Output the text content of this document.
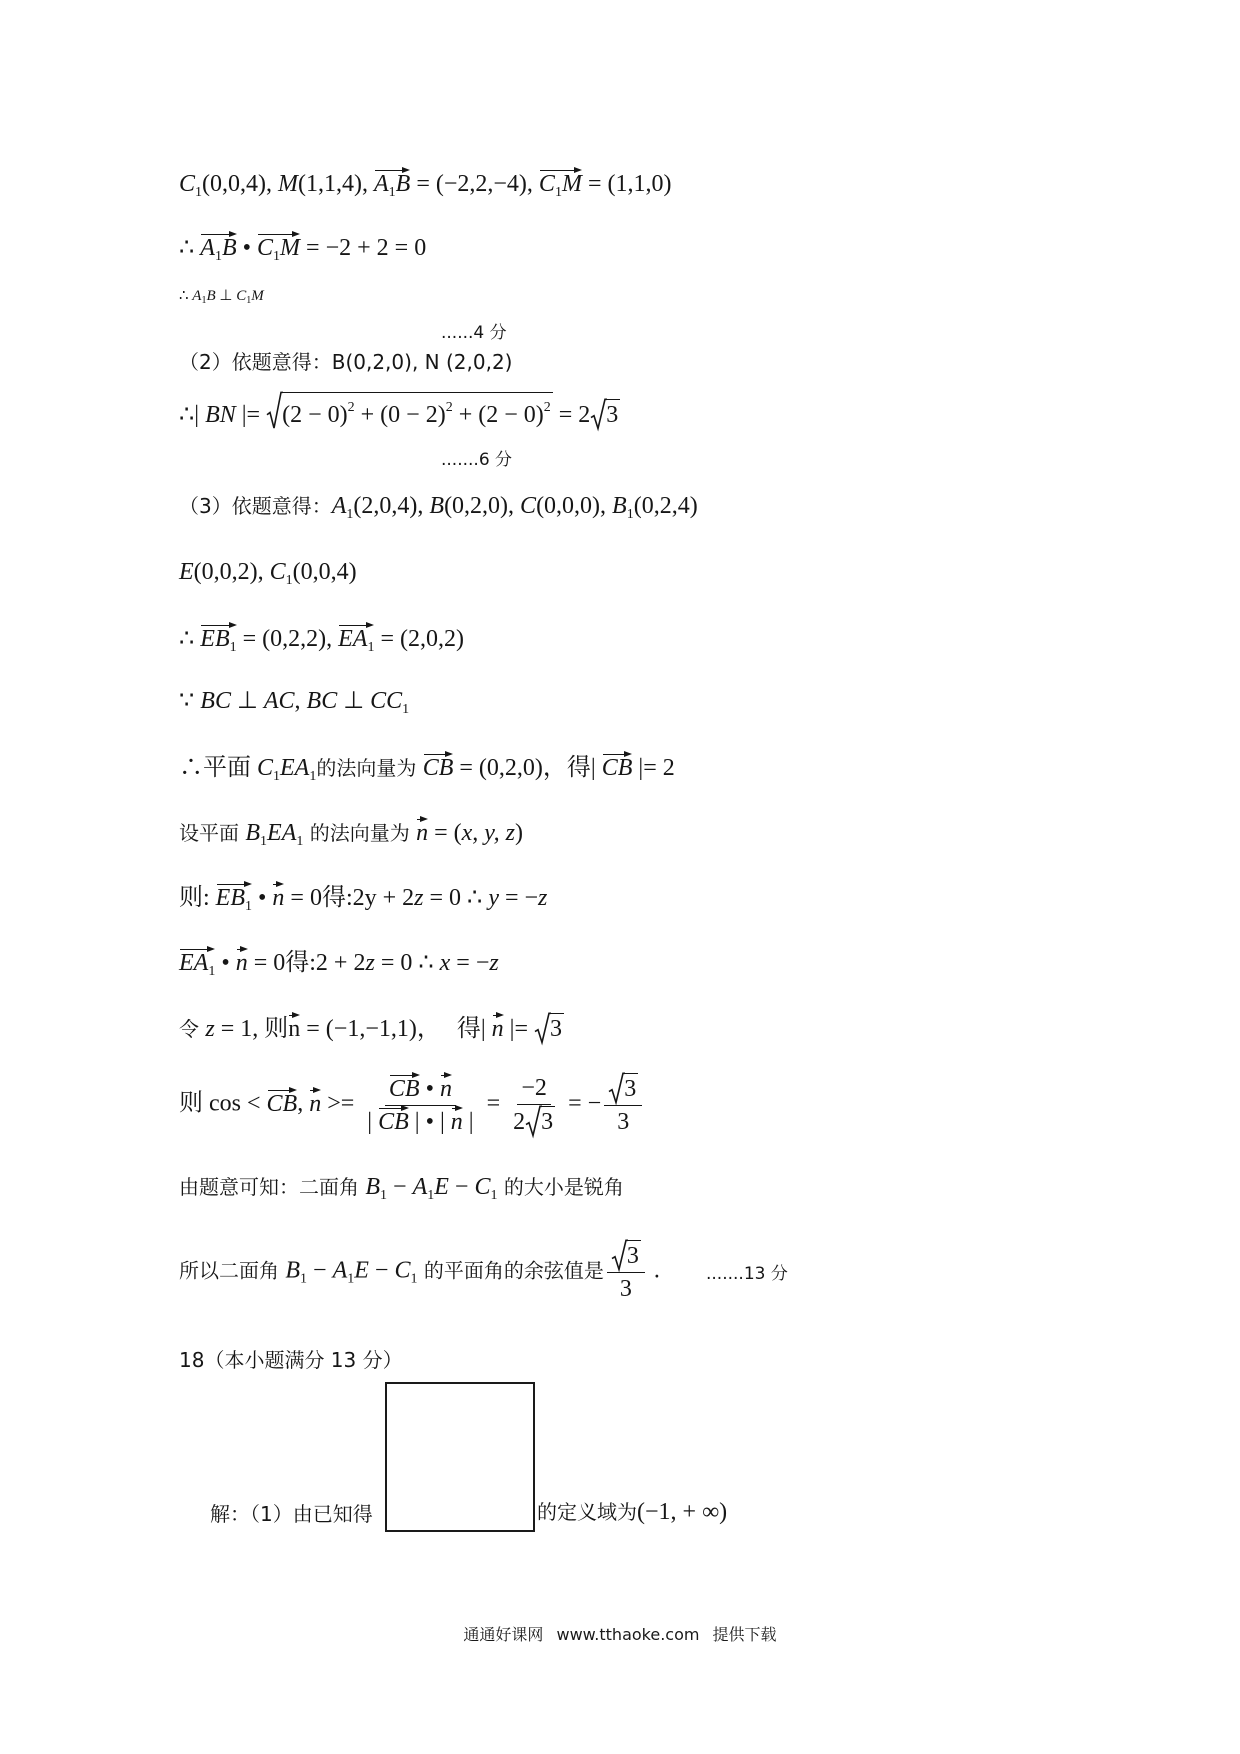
$C_1(0,0,4)$, M(1,1,4), $A_1B = (-2,2,-4)$, $C_1M = (1,1,0)$
∴ $A_1B$ • $C_1M = -2 + 2 = 0$
∴ $A_1B$ ⊥ $C_1M$
......4 分
（2）依题意得：B(0,2,0), N (2,0,2)
∴| BN |=
$(2 - 0)^2 + (0 - 2)^2 + (2 - 0)^2 = 2$ 3
.......6 分
（3）依题意得：$A_1(2,0,4)$, B(0,2,0), C(0,0,0), $B_1(0,2,4)$
E(0,0,2), $C_1(0,0,4)$
∴ $EB_1 = (0,2,2)$, $EA_1 = (2,0,2)$
∵ BC ⊥ AC, BC ⊥ $CC_1$
∴平面 $C_1EA_1$的法向量为 CB = (0,2,0)，得| CB |= 2
设平面 $B_1EA_1$ 的法向量为 n = (x, y, z)
则: $EB_1$ • n = 0得:2y + 2z = 0 ∴ y = −z
$EA_1$ • n = 0得:2 + 2z = 0 ∴ x = −z
令 z = 1, 则n = (−1,−1,1)， 得| n |=
3
则 cos < CB, $n >= \frac{CB • n}{| CB | • | n |} = \frac{-2}{2 3}$ = − $\frac{3}{3}$
由题意可知：二面角 $B_1 - A_1E - C_1$ 的大小是锐角
所以二面角 $B_1 - A_1E - C_1$ 的平面角的余弦值是 $\frac{3}{3}$ .	.......13 分
18（本小题满分 13 分）
解：（1）由已知得	的定义域为(−1, + ∞)
通通好课网 www.tthaoke.com 提供下载
